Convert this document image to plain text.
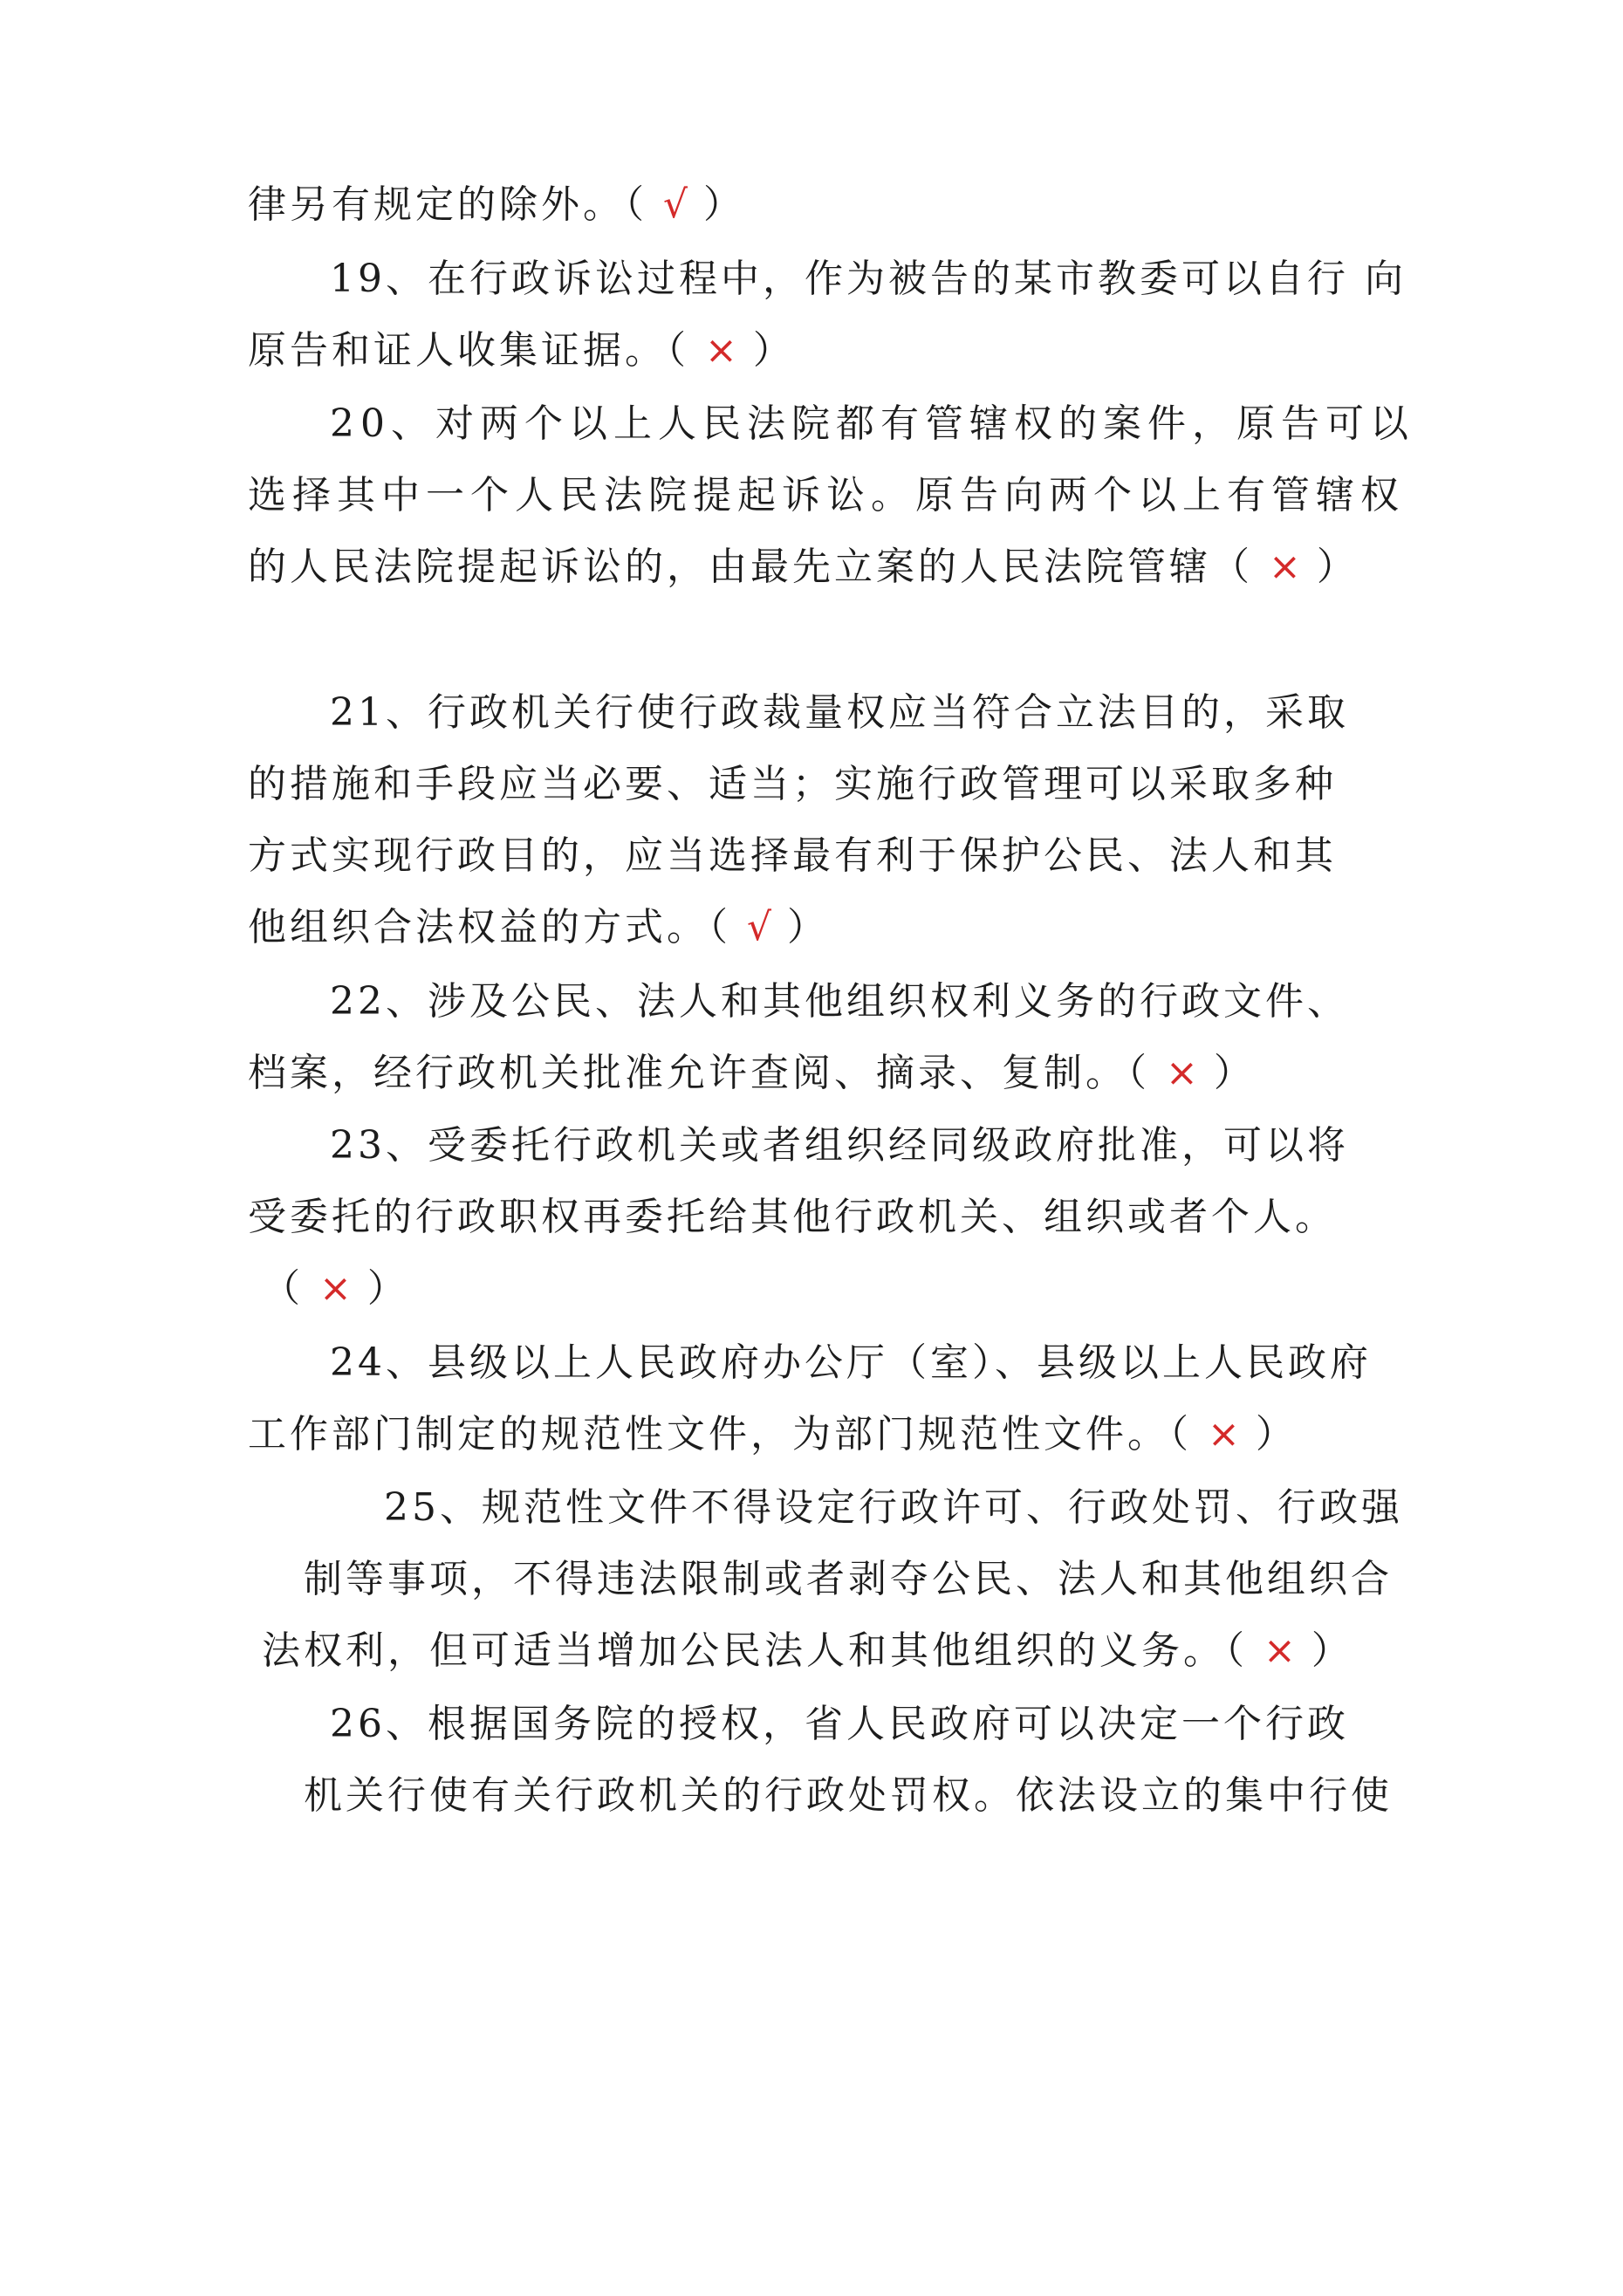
律另有规定的除外。（ √ ）
19、在行政诉讼过程中，作为被告的某市教委可以自行 向
原告和证人收集证据。（ × ）
20、对两个以上人民法院都有管辖权的案件，原告可以
选择其中一个人民法院提起诉讼。原告向两个以上有管辖权
的人民法院提起诉讼的，由最先立案的人民法院管辖（ × ）
21、行政机关行使行政裁量权应当符合立法目的，采取
的措施和手段应当必要、适当；实施行政管理可以采取多种
方式实现行政目的，应当选择最有利于保护公民、法人和其
他组织合法权益的方式。（ √ ）
22、涉及公民、法人和其他组织权利义务的行政文件、
档案，经行政机关批准允许查阅、摘录、复制。（ × ）
23、受委托行政机关或者组织经同级政府批准，可以将
受委托的行政职权再委托给其他行政机关、组织或者个人。
（ × ）
24、县级以上人民政府办公厅（室）、县级以上人民政府
工作部门制定的规范性文件，为部门规范性文件。（ × ）
25、规范性文件不得设定行政许可、行政处罚、行政强
制等事项，不得违法限制或者剥夺公民、法人和其他组织合
法权利，但可适当增加公民法人和其他组织的义务。（ × ）
26、根据国务院的授权，省人民政府可以决定一个行政
机关行使有关行政机关的行政处罚权。依法设立的集中行使
